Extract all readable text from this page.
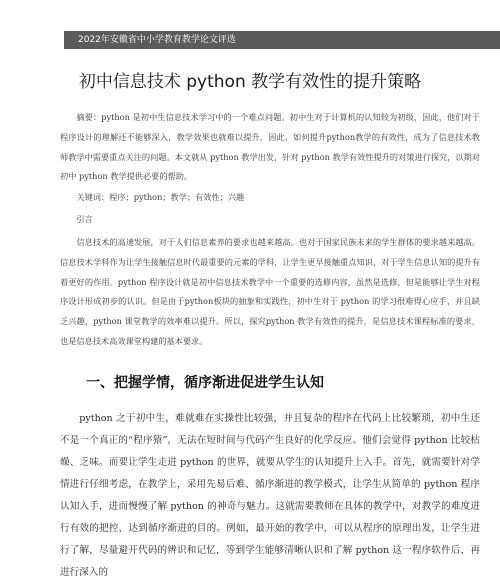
2022年安徽省中小学教育教学论文评选
初中信息技术 python 教学有效性的提升策略

摘要：python 是初中生信息技术学习中的一个难点问题。初中生对于计算机的认知较为初级，因此，他们对于程序设计的理解还不能够深入，教学效果也就难以提升，因此，如何提升python教学的有效性，成为了信息技术教师教学中需要重点关注的问题。本文就从 python 教学出发，针对 python 教学有效性提升的对策进行探究，以期对初中 python 教学提供必要的帮助。

关键词：程序；python；教学；有效性；兴趣

引言

信息技术的高速发展，对于人们信息素养的要求也越来越高。也对于国家民族未来的学生群体的要求越来越高。信息技术学科作为让学生接触信息时代最重要的元素的学科，让学生更早接触重点知识，对于学生信息认知的提升有着更好的作用。python 程序设计就是初中信息技术教学中一个重要的选修内容，虽然是选修，但是能够让学生对程序设计形成初步的认识。但是由于python板块的抽象和实践性，初中生对于 python 的学习很难得心应手，并且缺乏兴趣，python 课堂教学的效率难以提升。所以，探究python 教学有效性的提升，是信息技术课程标准的要求，也是信息技术高效课堂构建的基本要求。

一、把握学情，循序渐进促进学生认知

python 之于初中生，难就难在实操性比较强，并且复杂的程序在代码上比较繁琐，初中生还不是一个真正的“程序猿”，无法在短时间与代码产生良好的化学反应。他们会觉得 python 比较枯燥、乏味。而要让学生走进 python 的世界，就要从学生的认知提升上入手。首先，就需要针对学情进行仔细考虑，在教学上，采用先易后难、循序渐进的教学模式，让学生从简单的 python 程序认知入手，进而慢慢了解 python 的神奇与魅力。这就需要教师在具体的教学中，对教学的难度进行有效的把控，达到循序渐进的目的。例如，最开始的教学中，可以从程序的原理出发，让学生进行了解，尽量避开代码的辨识和记忆，等到学生能够清晰认识和了解 python 这一程序软件后，再进行深入的
